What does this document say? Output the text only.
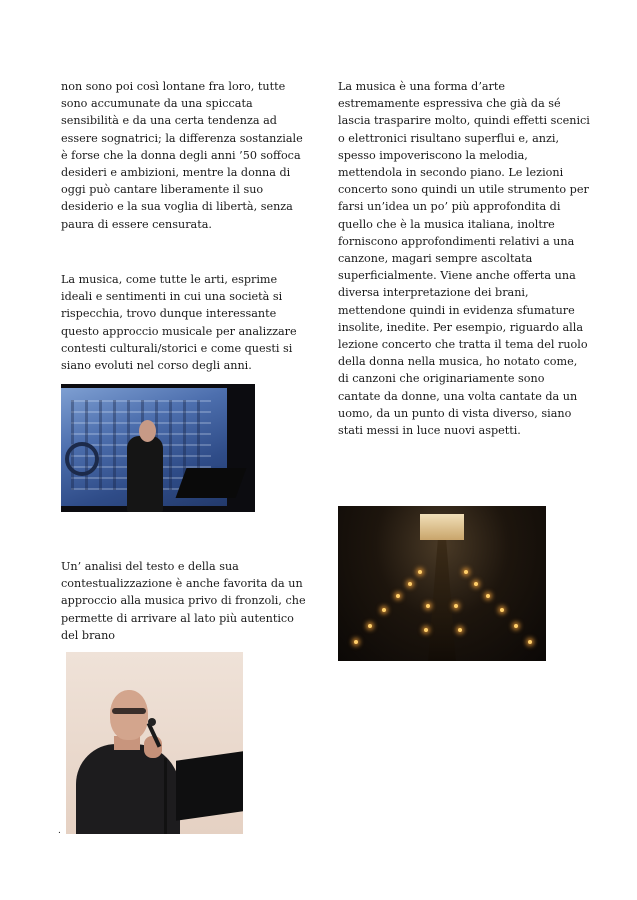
non sono poi così lontane fra loro, tutte sono accumunate da una spiccata sensibilità e da una certa tendenza ad essere sognatrici; la differenza sostanziale è forse che la donna degli anni ’50 soffoca desideri e ambizioni, mentre la donna di oggi può cantare liberamente il suo desiderio e la sua voglia di libertà, senza paura di essere censurata.

La musica, come tutte le arti, esprime ideali e sentimenti in cui una società si rispecchia, trovo dunque interessante questo approccio musicale per analizzare contesti culturali/storici e come questi si siano evoluti nel corso degli anni.

Un’ analisi del testo e della sua contestualizzazione è anche favorita da un approccio alla musica privo di fronzoli, che permette di arrivare al lato più autentico del brano

.

La musica è una forma d’arte estremamente espressiva che già da sé lascia trasparire molto, quindi effetti scenici o elettronici risultano superflui e, anzi, spesso impoveriscono la melodia, mettendola in secondo piano. Le lezioni concerto sono quindi un utile strumento per farsi un’idea un po’ più approfondita di quello che è la musica italiana, inoltre forniscono approfondimenti relativi a una canzone, magari sempre ascoltata superficialmente. Viene anche offerta una diversa interpretazione dei brani, mettendone quindi in evidenza sfumature insolite, inedite. Per esempio, riguardo alla lezione concerto che tratta il tema del ruolo della donna nella musica, ho notato come, di canzoni che originariamente sono cantate da donne, una volta cantate da un uomo, da un punto di vista diverso, siano stati messi in luce nuovi aspetti.
